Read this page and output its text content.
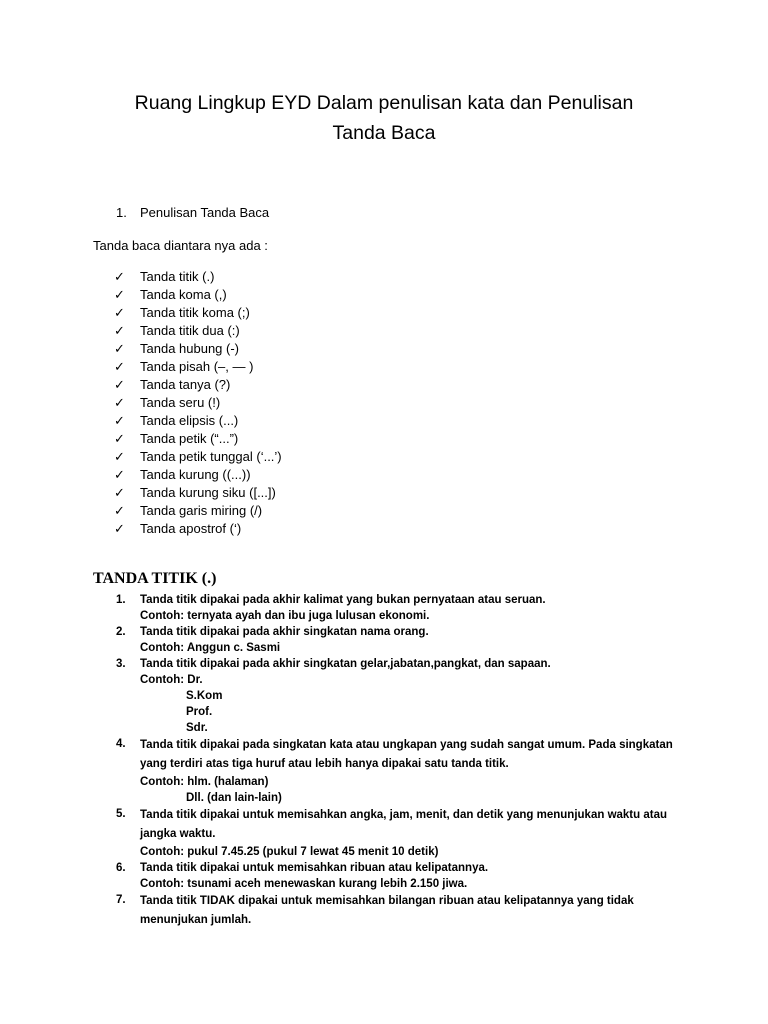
Ruang Lingkup EYD Dalam penulisan kata dan Penulisan
Tanda Baca
1. Penulisan Tanda Baca
Tanda baca diantara nya ada :
✓	Tanda titik (.)
✓	Tanda koma (,)
✓	Tanda titik koma (;)
✓	Tanda titik dua (:)
✓	Tanda hubung (-)
✓	Tanda pisah (–, — )
✓	Tanda tanya (?)
✓	Tanda seru (!)
✓	Tanda elipsis (...)
✓	Tanda petik (“...”)
✓	Tanda petik tunggal (‘...’)
✓	Tanda kurung ((...))
✓	Tanda kurung siku ([...])
✓	Tanda garis miring (/)
✓	Tanda apostrof (‘)
TANDA TITIK (.)
1. Tanda titik dipakai pada akhir kalimat yang bukan pernyataan atau seruan.
Contoh: ternyata ayah dan ibu juga lulusan ekonomi.
2. Tanda titik dipakai pada akhir singkatan nama orang.
Contoh: Anggun c. Sasmi
3. Tanda titik dipakai pada akhir singkatan gelar,jabatan,pangkat, dan sapaan.
Contoh: Dr.
S.Kom
Prof.
Sdr.
4. Tanda titik dipakai pada singkatan kata atau ungkapan yang sudah sangat umum. Pada singkatan yang terdiri atas tiga huruf atau lebih hanya dipakai satu tanda titik.
Contoh: hlm. (halaman)
Dll. (dan lain-lain)
5. Tanda titik dipakai untuk memisahkan angka, jam, menit, dan detik yang menunjukan waktu atau jangka waktu.
Contoh: pukul 7.45.25 (pukul 7 lewat 45 menit 10 detik)
6. Tanda titik dipakai untuk memisahkan ribuan atau kelipatannya.
Contoh: tsunami aceh menewaskan kurang lebih 2.150 jiwa.
7. Tanda titik TIDAK dipakai untuk memisahkan bilangan ribuan atau kelipatannya yang tidak menunjukan jumlah.
